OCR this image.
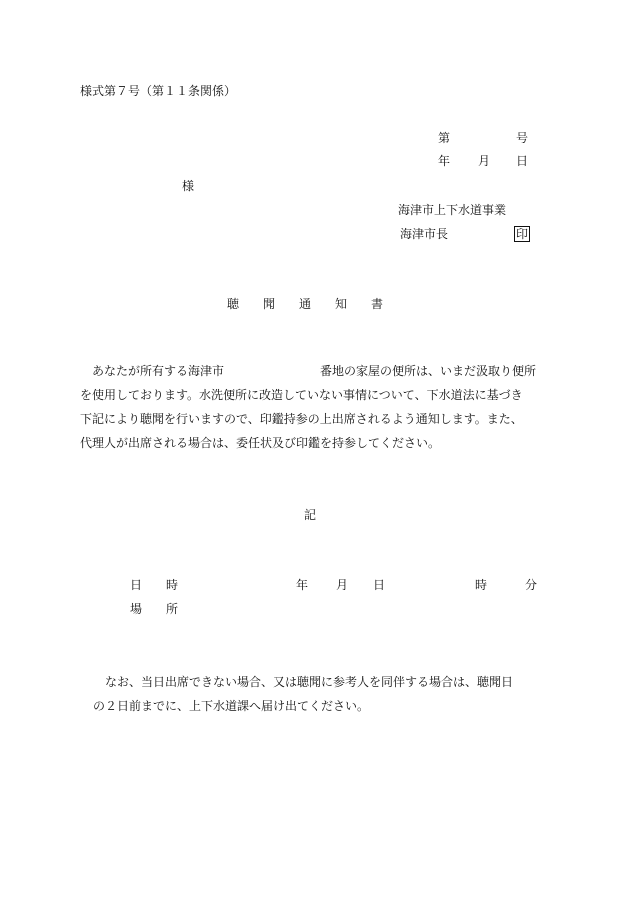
様式第７号（第１１条関係）
第	号
年 月 日
様
海津市上下水道事業
海津市長	印
聴　　聞　　通　　知　　書
　あなたが所有する海津市　　　　　　　　番地の家屋の便所は、いまだ汲取り便所
を使用しております。水洗便所に改造していない事情について、下水道法に基づき
下記により聴聞を行いますので、印鑑持参の上出席されるよう通知します。また、
代理人が出席される場合は、委任状及び印鑑を持参してください。
記
日　　時	年 月 日	時	分
場　　所
　なお、当日出席できない場合、又は聴聞に参考人を同伴する場合は、聴聞日
の２日前までに、上下水道課へ届け出てください。
